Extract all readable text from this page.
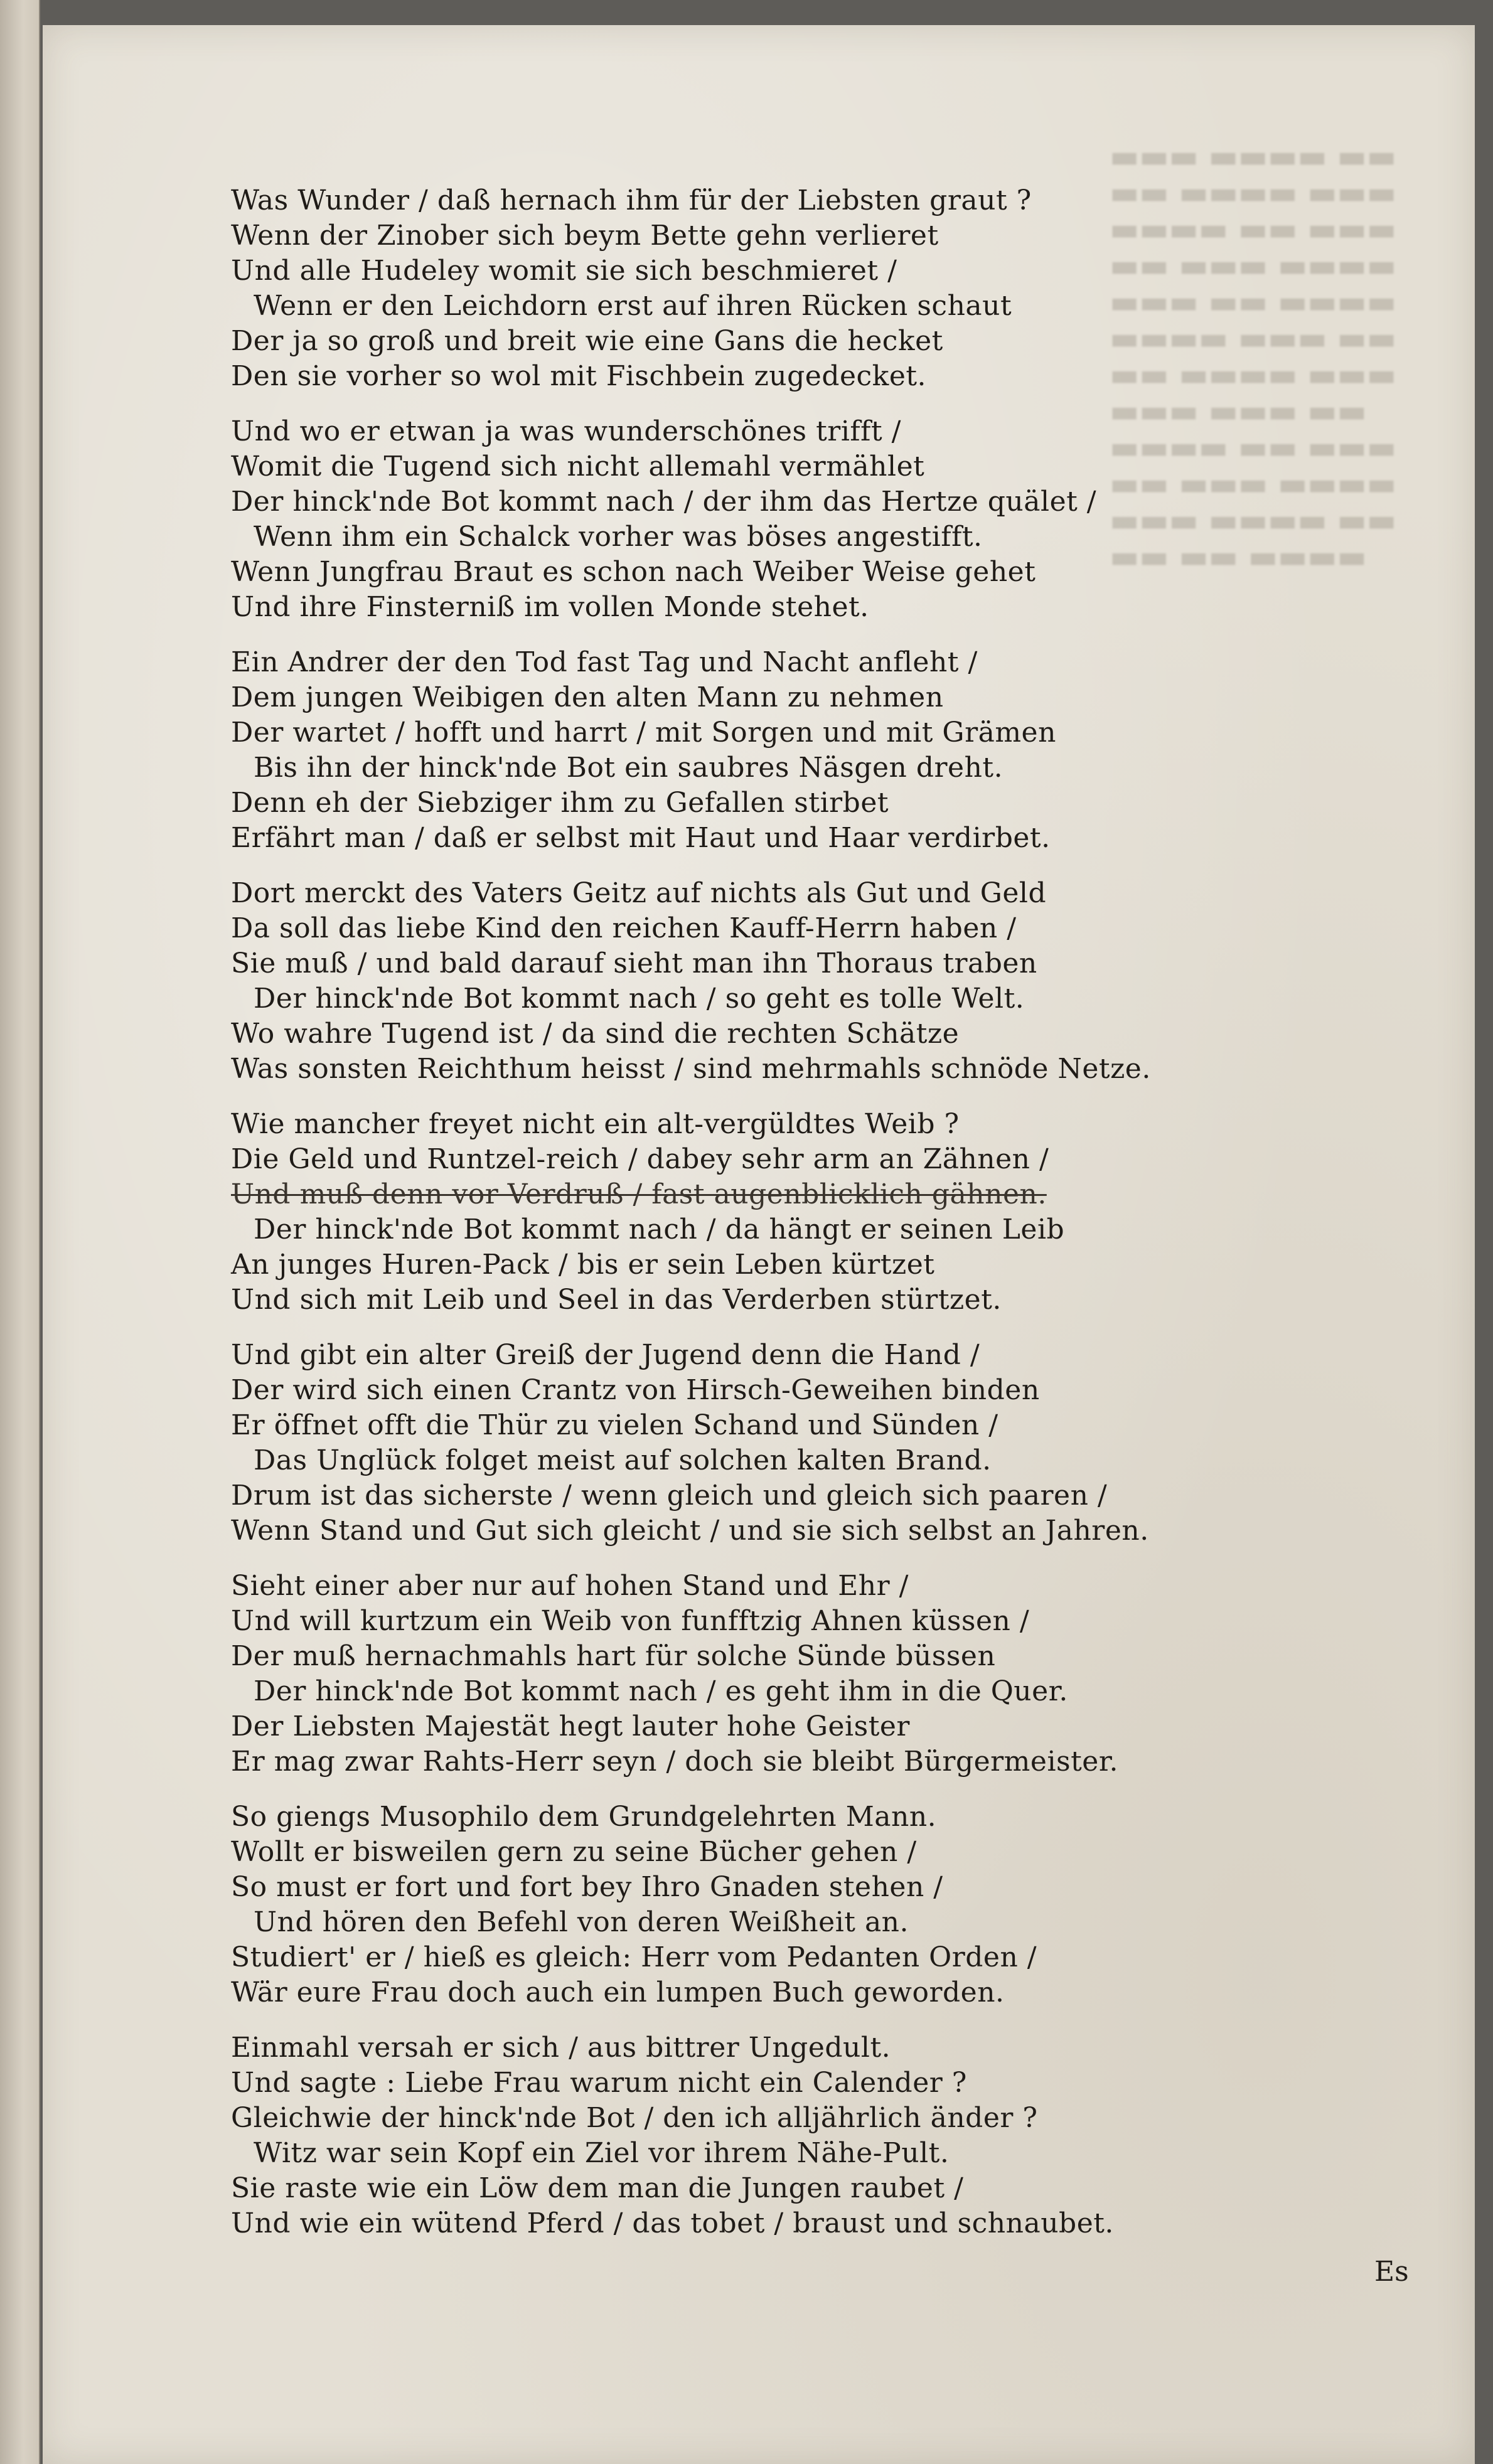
▬▬▬ ▬▬▬▬ ▬▬
▬▬ ▬▬▬▬ ▬▬▬
▬▬▬▬ ▬▬ ▬▬▬
▬▬ ▬▬▬ ▬▬▬▬
▬▬▬ ▬▬ ▬▬▬▬
▬▬▬▬ ▬▬▬ ▬▬
▬▬ ▬▬▬▬ ▬▬▬
▬▬▬ ▬▬▬ ▬▬
▬▬▬▬ ▬▬ ▬▬▬
▬▬ ▬▬▬ ▬▬▬▬
▬▬▬ ▬▬▬▬ ▬▬
▬▬ ▬▬ ▬▬▬▬
Was Wunder / daß hernach ihm für der Liebsten graut ?
Wenn der Zinober sich beym Bette gehn verlieret
Und alle Hudeley womit sie sich beschmieret /
Wenn er den Leichdorn erst auf ihren Rücken schaut
Der ja so groß und breit wie eine Gans die hecket
Den sie vorher so wol mit Fischbein zugedecket.
Und wo er etwan ja was wunderschönes trifft /
Womit die Tugend sich nicht allemahl vermählet
Der hinck'nde Bot kommt nach / der ihm das Hertze quälet /
Wenn ihm ein Schalck vorher was böses angestifft.
Wenn Jungfrau Braut es schon nach Weiber Weise gehet
Und ihre Finsterniß im vollen Monde stehet.
Ein Andrer der den Tod fast Tag und Nacht anfleht /
Dem jungen Weibigen den alten Mann zu nehmen
Der wartet / hofft und harrt / mit Sorgen und mit Grämen
Bis ihn der hinck'nde Bot ein saubres Näsgen dreht.
Denn eh der Siebziger ihm zu Gefallen stirbet
Erfährt man / daß er selbst mit Haut und Haar verdirbet.
Dort merckt des Vaters Geitz auf nichts als Gut und Geld
Da soll das liebe Kind den reichen Kauff-Herrn haben /
Sie muß / und bald darauf sieht man ihn Thoraus traben
Der hinck'nde Bot kommt nach / so geht es tolle Welt.
Wo wahre Tugend ist / da sind die rechten Schätze
Was sonsten Reichthum heisst / sind mehrmahls schnöde Netze.
Wie mancher freyet nicht ein alt-vergüldtes Weib ?
Die Geld und Runtzel-reich / dabey sehr arm an Zähnen /
Und muß denn vor Verdruß / fast augenblicklich gähnen.
Der hinck'nde Bot kommt nach / da hängt er seinen Leib
An junges Huren-Pack / bis er sein Leben kürtzet
Und sich mit Leib und Seel in das Verderben stürtzet.
Und gibt ein alter Greiß der Jugend denn die Hand /
Der wird sich einen Crantz von Hirsch-Geweihen binden
Er öffnet offt die Thür zu vielen Schand und Sünden /
Das Unglück folget meist auf solchen kalten Brand.
Drum ist das sicherste / wenn gleich und gleich sich paaren /
Wenn Stand und Gut sich gleicht / und sie sich selbst an Jahren.
Sieht einer aber nur auf hohen Stand und Ehr /
Und will kurtzum ein Weib von funfftzig Ahnen küssen /
Der muß hernachmahls hart für solche Sünde büssen
Der hinck'nde Bot kommt nach / es geht ihm in die Quer.
Der Liebsten Majestät hegt lauter hohe Geister
Er mag zwar Rahts-Herr seyn / doch sie bleibt Bürgermeister.
So giengs Musophilo dem Grundgelehrten Mann.
Wollt er bisweilen gern zu seine Bücher gehen /
So must er fort und fort bey Ihro Gnaden stehen /
Und hören den Befehl von deren Weißheit an.
Studiert' er / hieß es gleich: Herr vom Pedanten Orden /
Wär eure Frau doch auch ein lumpen Buch geworden.
Einmahl versah er sich / aus bittrer Ungedult.
Und sagte : Liebe Frau warum nicht ein Calender ?
Gleichwie der hinck'nde Bot / den ich alljährlich änder ?
Witz war sein Kopf ein Ziel vor ihrem Nähe-Pult.
Sie raste wie ein Löw dem man die Jungen raubet /
Und wie ein wütend Pferd / das tobet / braust und schnaubet.
Es
